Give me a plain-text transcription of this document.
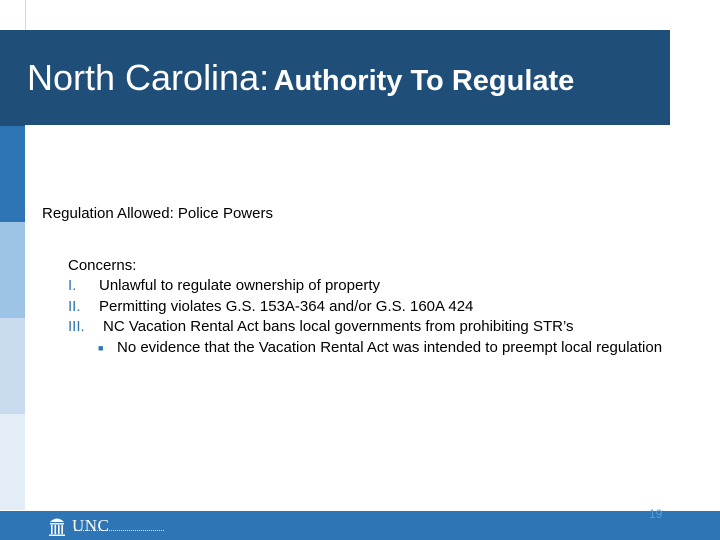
North Carolina: Authority To Regulate
Regulation Allowed: Police Powers
Concerns:
I. Unlawful to regulate ownership of property
II. Permitting violates G.S. 153A-364 and/or G.S. 160A 424
III. NC Vacation Rental Act bans local governments from prohibiting STR’s
■ No evidence that the Vacation Rental Act was intended to preempt local regulation
UNC
19
